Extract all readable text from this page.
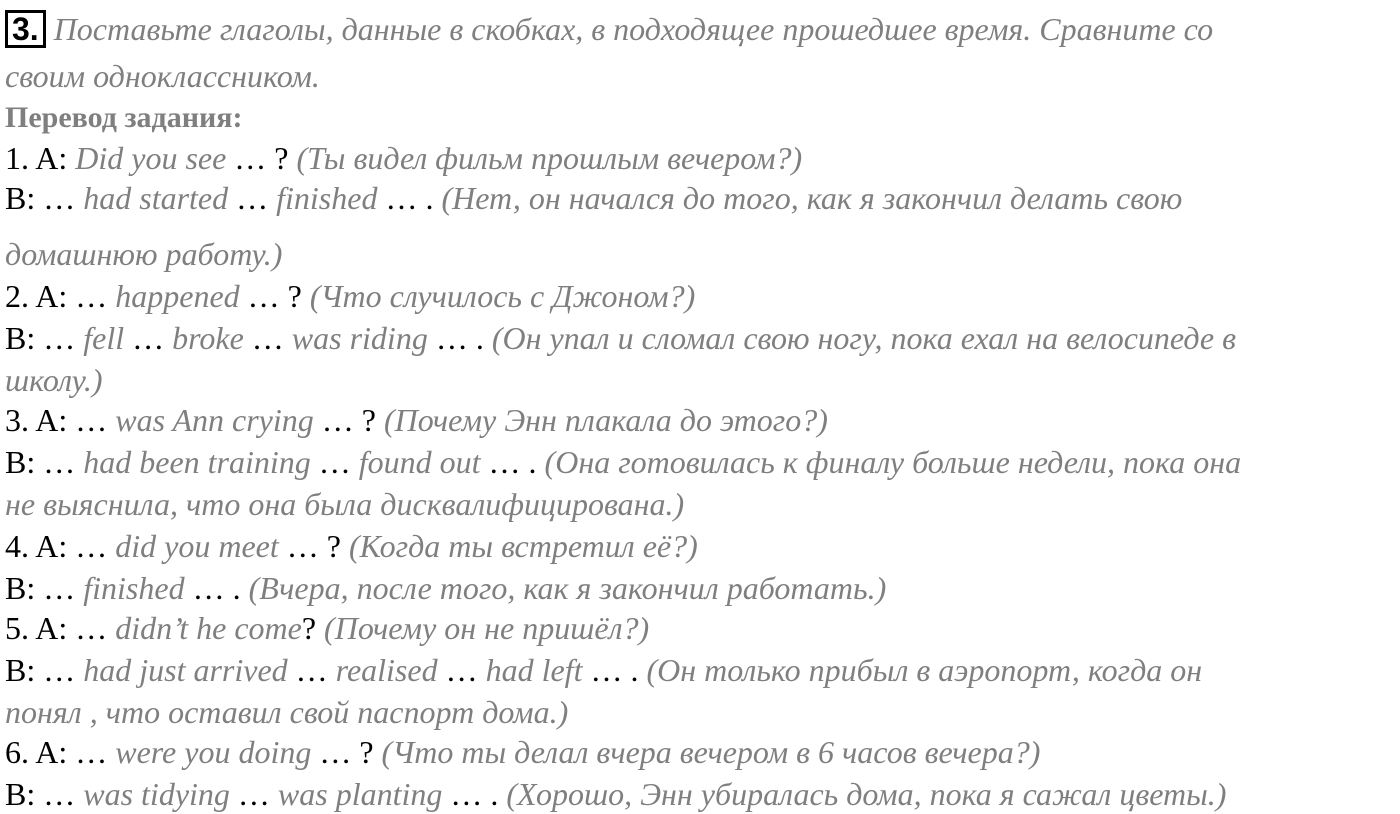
3. Поставьте глаголы, данные в скобках, в подходящее прошедшее время. Сравните со
своим одноклассником.
Перевод задания:
1. A: Did you see … ? (Ты видел фильм прошлым вечером?)
B: … had started … finished … . (Нет, он начался до того, как я закончил делать свою
домашнюю работу.)
2. A: … happened … ? (Что случилось с Джоном?)
B: … fell … broke … was riding … . (Он упал и сломал свою ногу, пока ехал на велосипеде в
школу.)
3. A: … was Ann crying … ? (Почему Энн плакала до этого?)
B: … had been training … found out … . (Она готовилась к финалу больше недели, пока она
не выяснила, что она была дисквалифицирована.)
4. A: … did you meet … ? (Когда ты встретил её?)
B: … finished … . (Вчера, после того, как я закончил работать.)
5. A: … didn’t he come? (Почему он не пришёл?)
B: … had just arrived … realised … had left … . (Он только прибыл в аэропорт, когда он
понял , что оставил свой паспорт дома.)
6. A: … were you doing … ? (Что ты делал вчера вечером в 6 часов вечера?)
B: … was tidying … was planting … . (Хорошо, Энн убиралась дома, пока я сажал цветы.)
